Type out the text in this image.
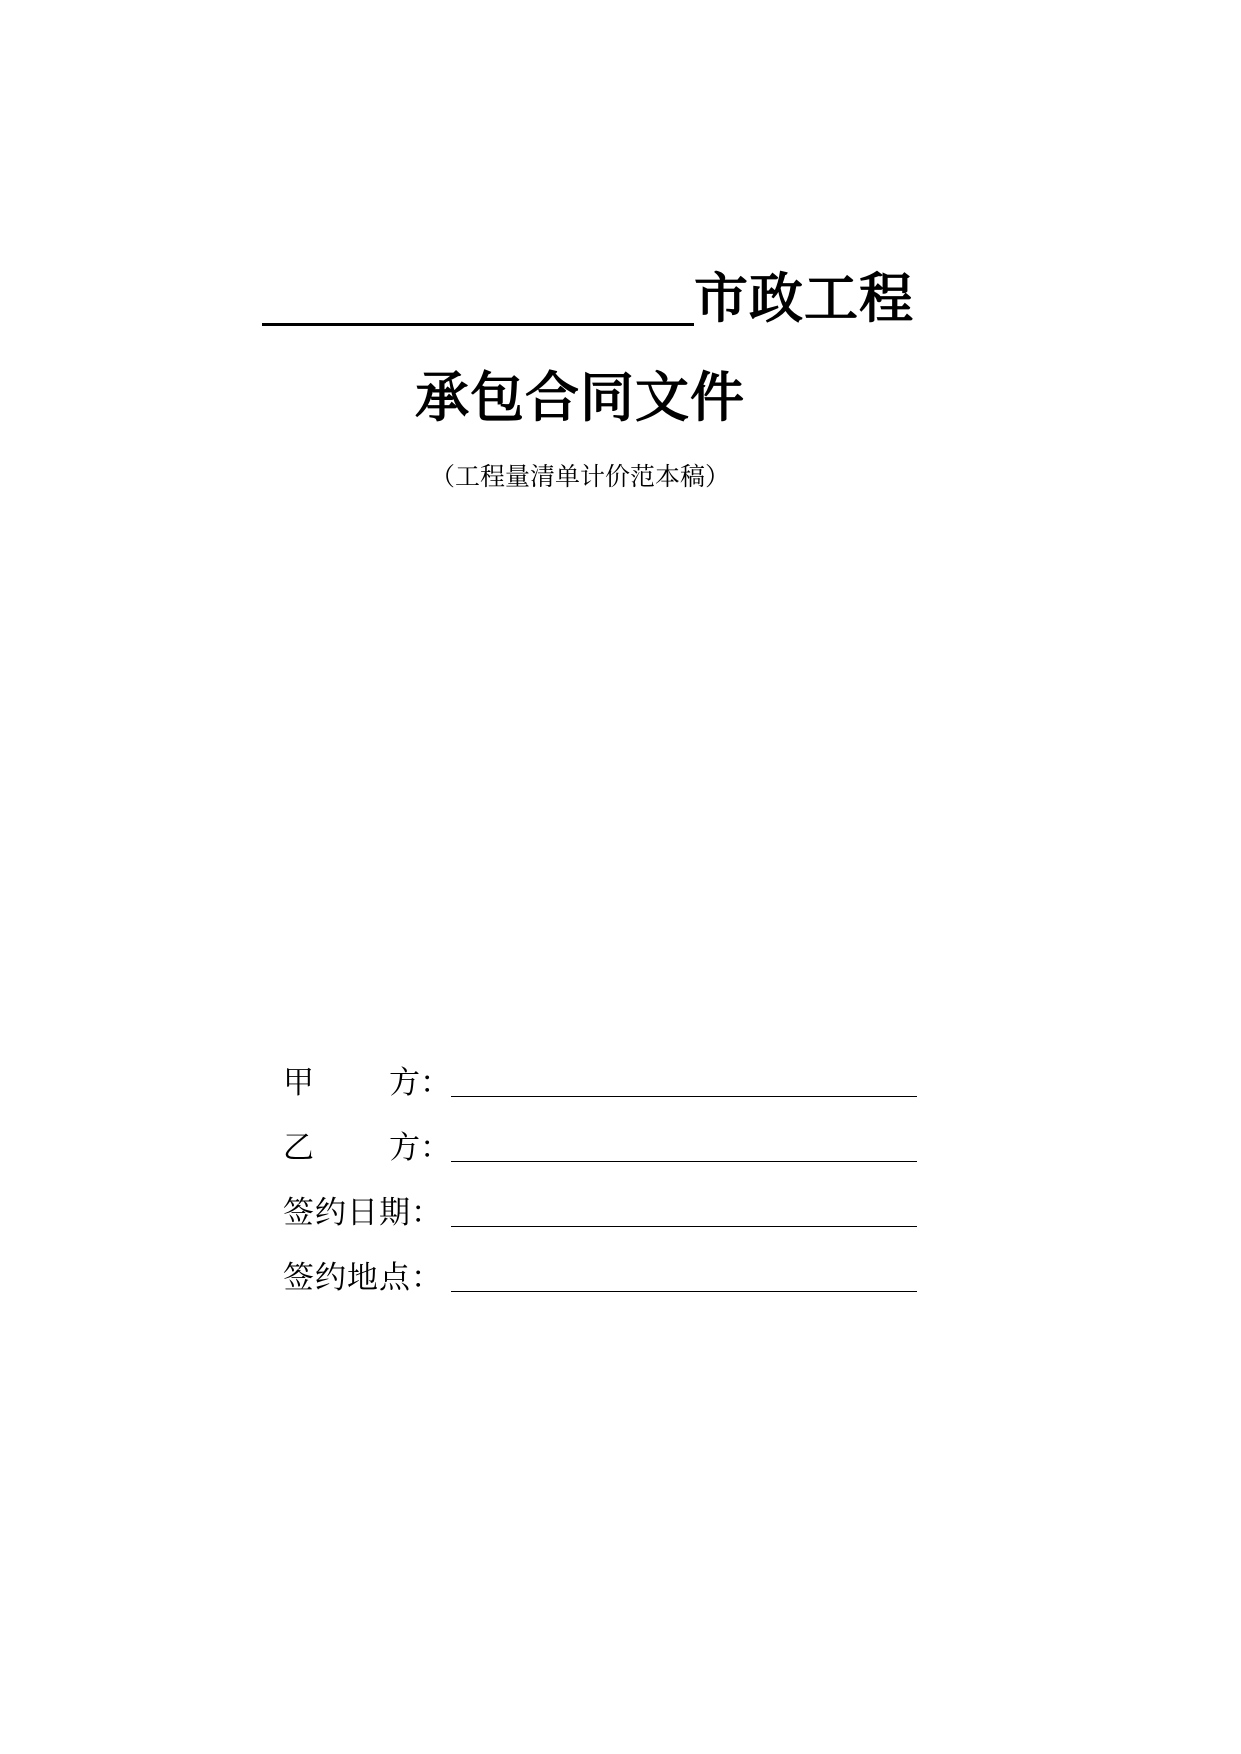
市政工程
承包合同文件
（工程量清单计价范本稿）
甲 方：
乙 方：
签约日期：
签约地点：
